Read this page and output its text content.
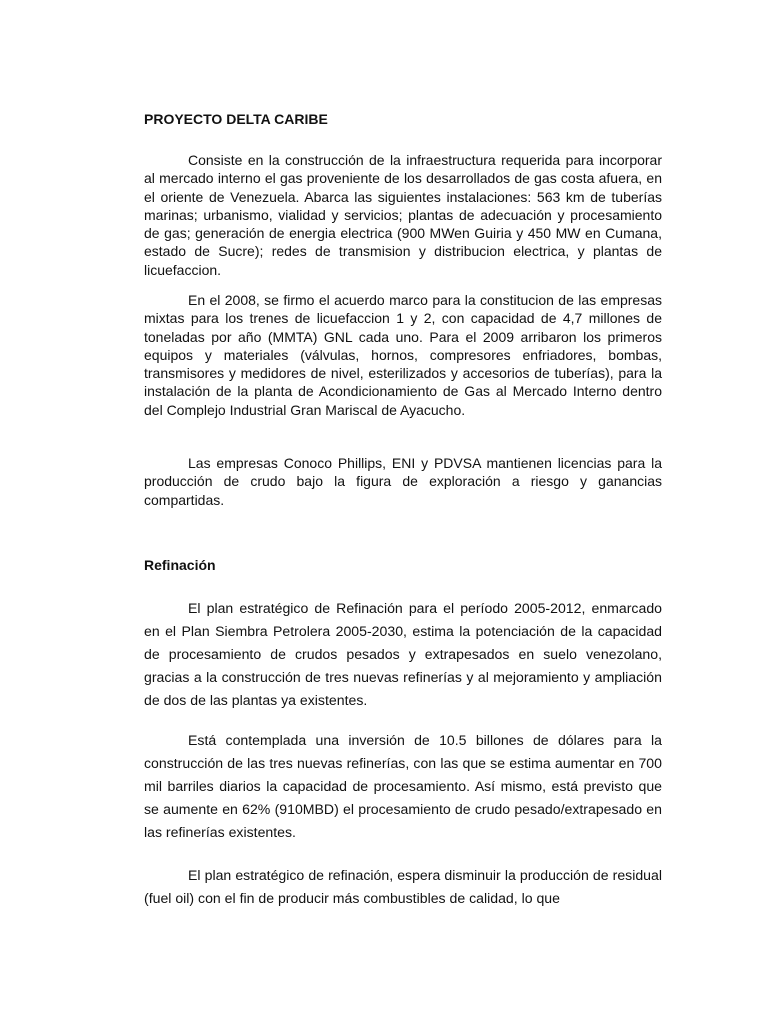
PROYECTO DELTA CARIBE

Consiste en la construcción de la infraestructura requerida para incorporar al mercado interno el gas proveniente de los desarrollados de gas costa afuera, en el oriente de Venezuela. Abarca las siguientes instalaciones: 563 km de tuberías marinas; urbanismo, vialidad y servicios; plantas de adecuación y procesamiento de gas; generación de energia electrica (900 MWen Guiria y 450 MW en Cumana, estado de Sucre); redes de transmision y distribucion electrica, y plantas de licuefaccion.

En el 2008, se firmo el acuerdo marco para la constitucion de las empresas mixtas para los trenes de licuefaccion 1 y 2, con capacidad de 4,7 millones de toneladas por año (MMTA) GNL cada uno. Para el 2009 arribaron los primeros equipos y materiales (válvulas, hornos, compresores enfriadores, bombas, transmisores y medidores de nivel, esterilizados y accesorios de tuberías), para la instalación de la planta de Acondicionamiento de Gas al Mercado Interno dentro del Complejo Industrial Gran Mariscal de Ayacucho.

Las empresas Conoco Phillips, ENI y PDVSA mantienen licencias para la producción de crudo bajo la figura de exploración a riesgo y ganancias compartidas.

Refinación

El plan estratégico de Refinación para el período 2005-2012, enmarcado en el Plan Siembra Petrolera 2005-2030, estima la potenciación de la capacidad de procesamiento de crudos pesados y extrapesados en suelo venezolano, gracias a la construcción de tres nuevas refinerías y al mejoramiento y ampliación de dos de las plantas ya existentes.

Está contemplada una inversión de 10.5 billones de dólares para la construcción de las tres nuevas refinerías, con las que se estima aumentar en 700 mil barriles diarios la capacidad de procesamiento. Así mismo, está previsto que se aumente en 62% (910MBD) el procesamiento de crudo pesado/extrapesado en las refinerías existentes.

El plan estratégico de refinación, espera disminuir la producción de residual (fuel oil) con el fin de producir más combustibles de calidad, lo que
